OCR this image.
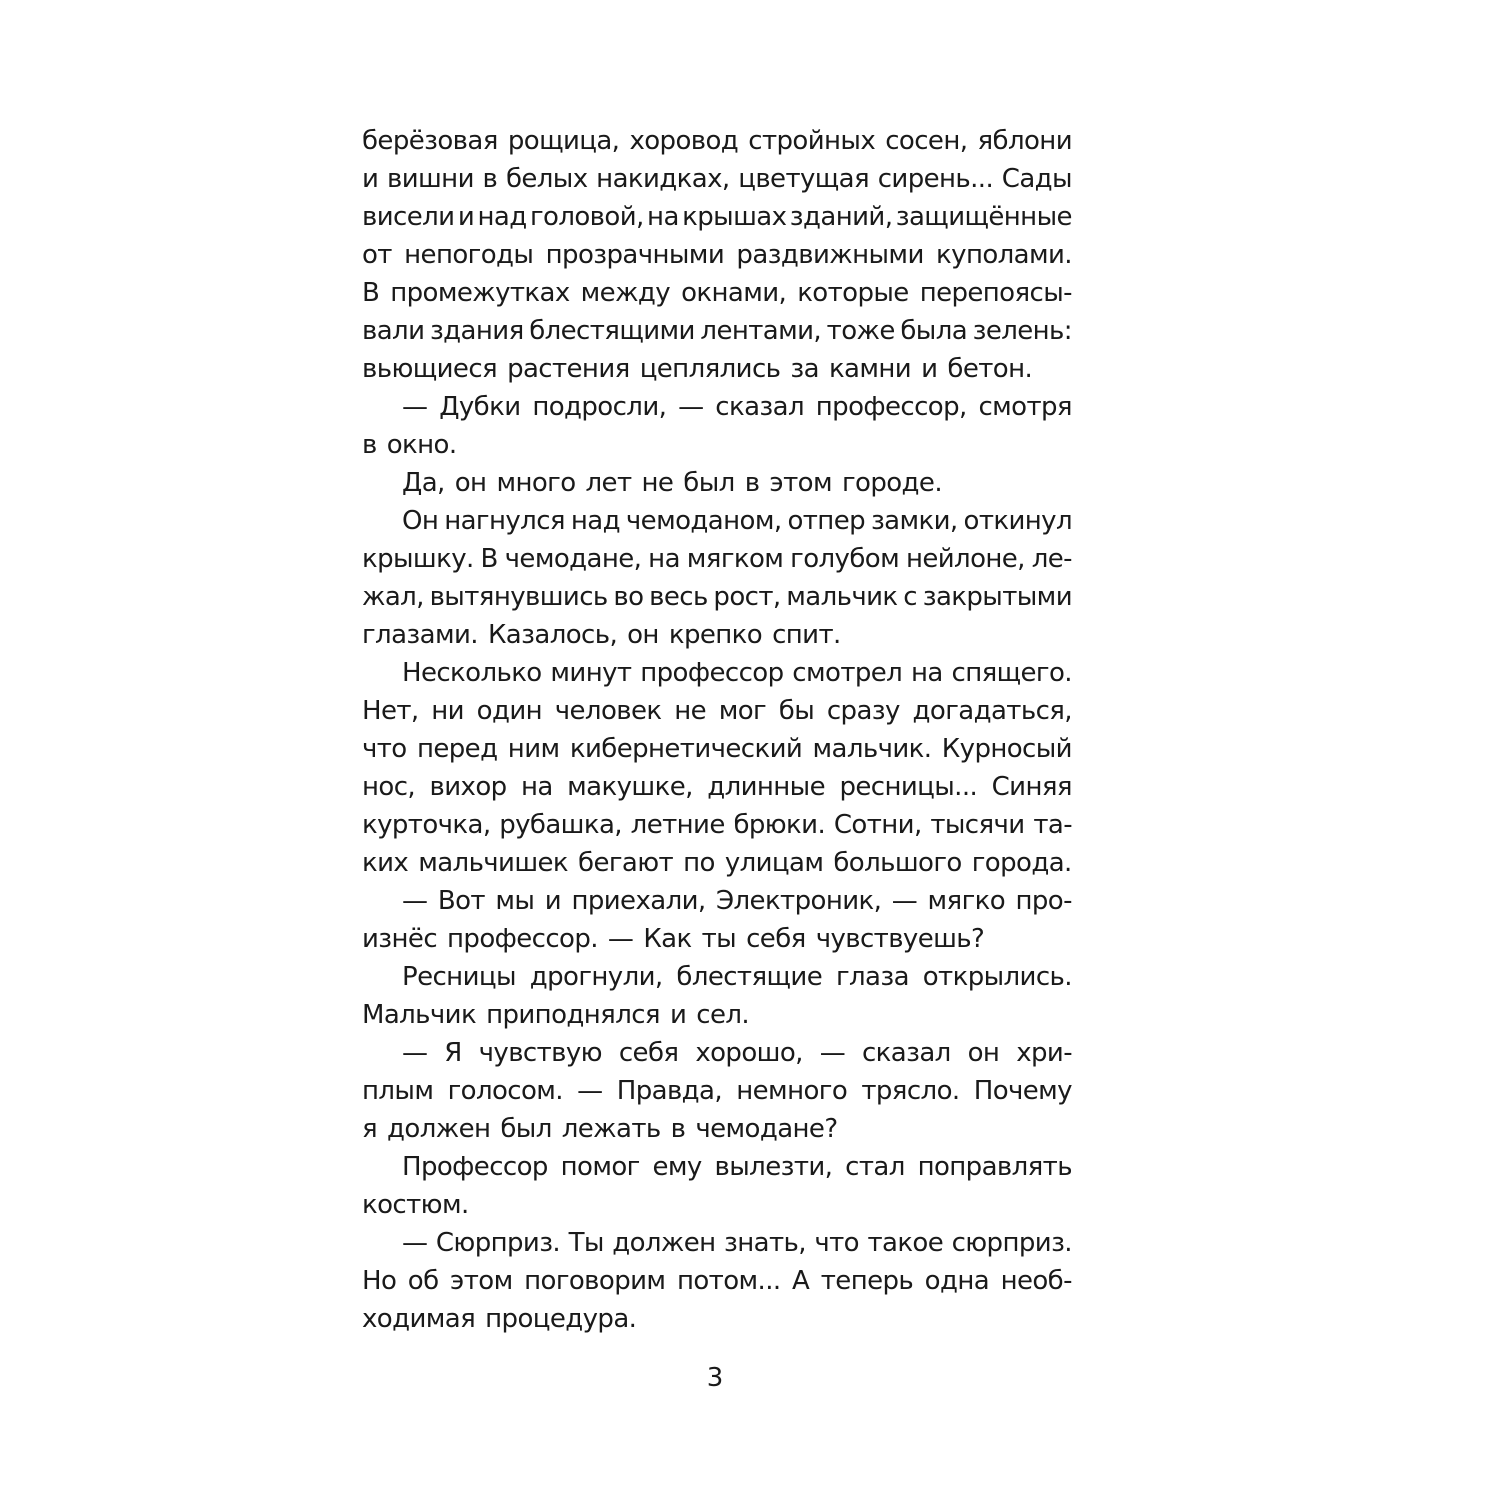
берёзовая рощица, хоровод стройных сосен, яблони
и вишни в белых накидках, цветущая сирень... Сады
висели и над головой, на крышах зданий, защищённые
от непогоды прозрачными раздвижными куполами.
В промежутках между окнами, которые перепоясы-
вали здания блестящими лентами, тоже была зелень:
вьющиеся растения цеплялись за камни и бетон.
— Дубки подросли, — сказал профессор, смотря
в окно.
Да, он много лет не был в этом городе.
Он нагнулся над чемоданом, отпер замки, откинул
крышку. В чемодане, на мягком голубом нейлоне, ле-
жал, вытянувшись во весь рост, мальчик с закрытыми
глазами. Казалось, он крепко спит.
Несколько минут профессор смотрел на спящего.
Нет, ни один человек не мог бы сразу догадаться,
что перед ним кибернетический мальчик. Курносый
нос, вихор на макушке, длинные ресницы... Синяя
курточка, рубашка, летние брюки. Сотни, тысячи та-
ких мальчишек бегают по улицам большого города.
— Вот мы и приехали, Электроник, — мягко про-
изнёс профессор. — Как ты себя чувствуешь?
Ресницы дрогнули, блестящие глаза открылись.
Мальчик приподнялся и сел.
— Я чувствую себя хорошо, — сказал он хри-
плым голосом. — Правда, немного трясло. Почему
я должен был лежать в чемодане?
Профессор помог ему вылезти, стал поправлять
костюм.
— Сюрприз. Ты должен знать, что такое сюрприз.
Но об этом поговорим потом... А теперь одна необ-
ходимая процедура.
3
